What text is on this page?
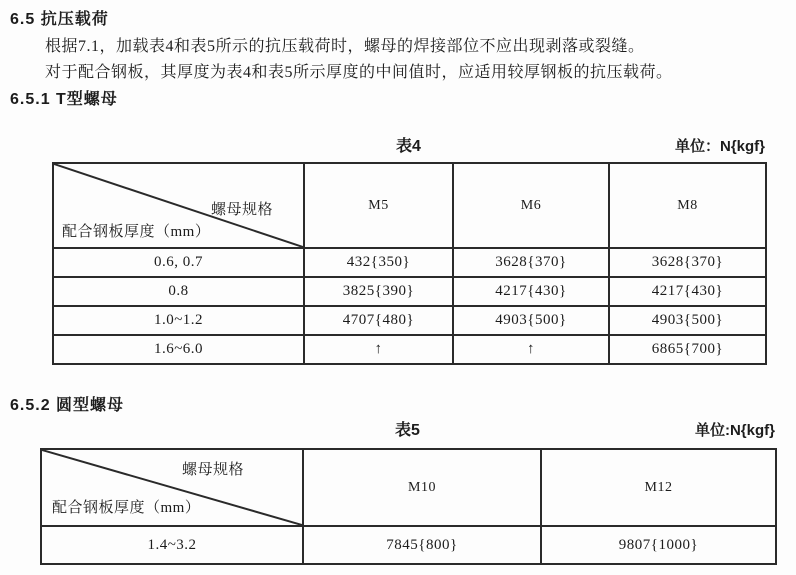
6.5 抗压载荷
根据7.1，加载表4和表5所示的抗压载荷时，螺母的焊接部位不应出现剥落或裂缝。
对于配合钢板，其厚度为表4和表5所示厚度的中间值时，应适用较厚钢板的抗压载荷。
6.5.1 T型螺母
表4	单位：N{kgf}
螺母规格
配合钢板厚度（mm）	M5	M6	M8
0.6, 0.7	432{350}	3628{370}	3628{370}
0.8	3825{390}	4217{430}	4217{430}
1.0~1.2	4707{480}	4903{500}	4903{500}
1.6~6.0	↑	↑	6865{700}
6.5.2 圆型螺母
表5	单位:N{kgf}
螺母规格
配合钢板厚度（mm）	M10	M12
1.4~3.2	7845{800}	9807{1000}
